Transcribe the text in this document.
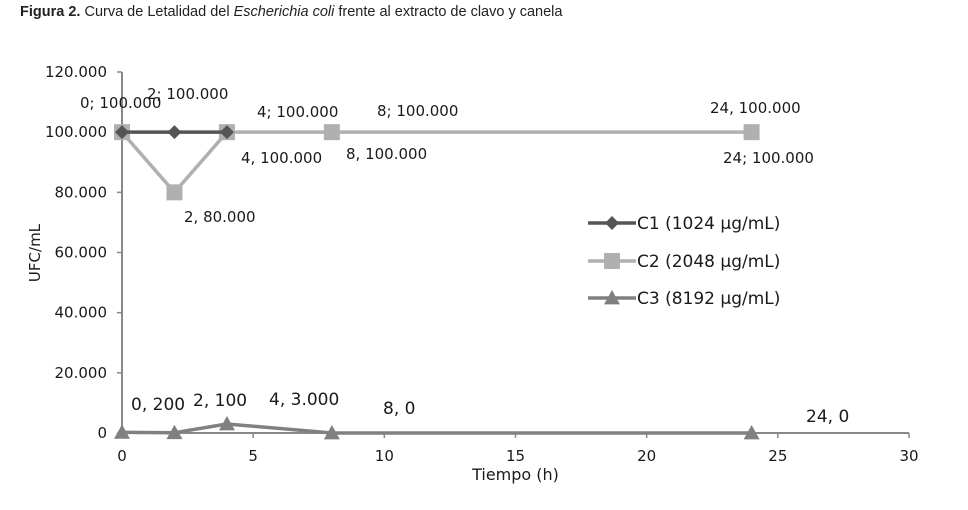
Figura 2. Curva de Letalidad del Escherichia coli frente al extracto de clavo y canela
0
20.000
40.000
60.000
80.000
100.000
120.000
0	5	10	15	20	25	30
Tiempo (h)
UFC/mL
0; 100.000
2; 100.000
4; 100.000	8; 100.000	24, 100.000
4, 100.000 8, 100.000	24; 100.000
2, 80.000
0, 200 2, 100 4, 3.000	8, 0	24, 0
C1 (1024 µg/mL)
C2 (2048 µg/mL)
C3 (8192 µg/mL)
